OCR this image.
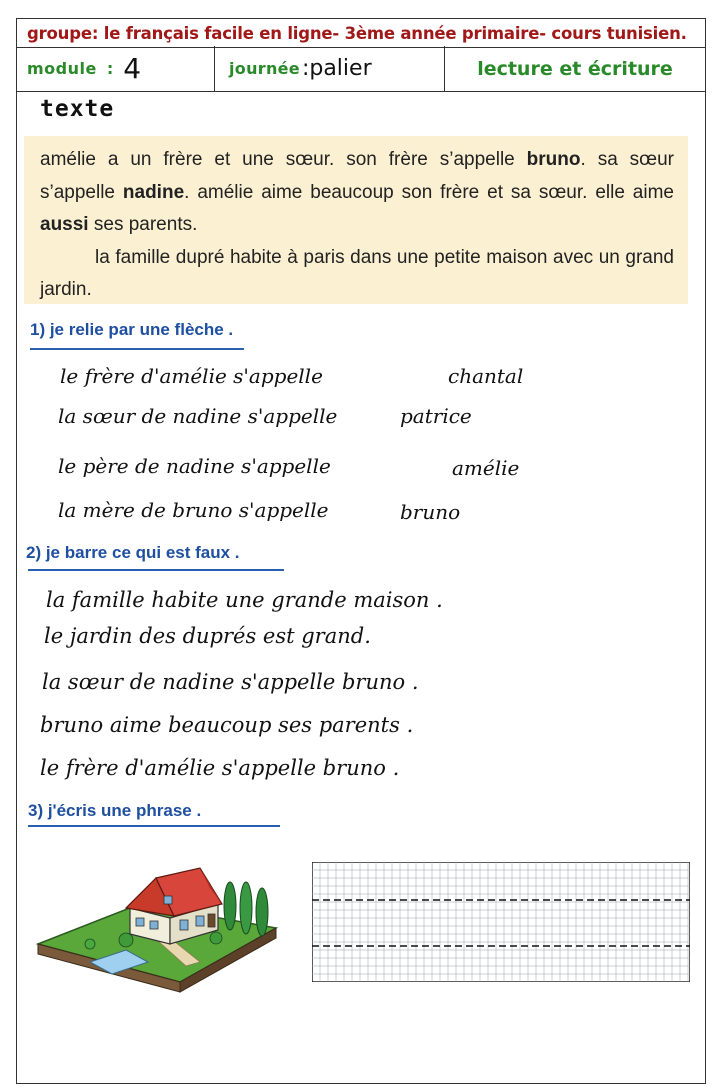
groupe: le français facile en ligne- 3ème année primaire- cours tunisien.
module : 4	journée :palier	lecture et écriture
texte

amélie a un frère et une sœur. son frère s’appelle bruno. sa sœur s’appelle nadine. amélie aime beaucoup son frère et sa sœur. elle aime aussi ses parents.

la famille dupré habite à paris dans une petite maison avec un grand jardin.

1) je relie par une flèche .
le frère d'amélie s'appelle
la sœur de nadine s'appelle
le père de nadine s'appelle
la mère de bruno s'appelle
chantal
patrice
amélie
bruno
2) je barre ce qui est faux .
la famille habite une grande maison .
le jardin des duprés est grand.
la sœur de nadine s'appelle bruno .
bruno aime beaucoup ses parents .
le frère d'amélie s'appelle bruno .
3) j'écris une phrase .
